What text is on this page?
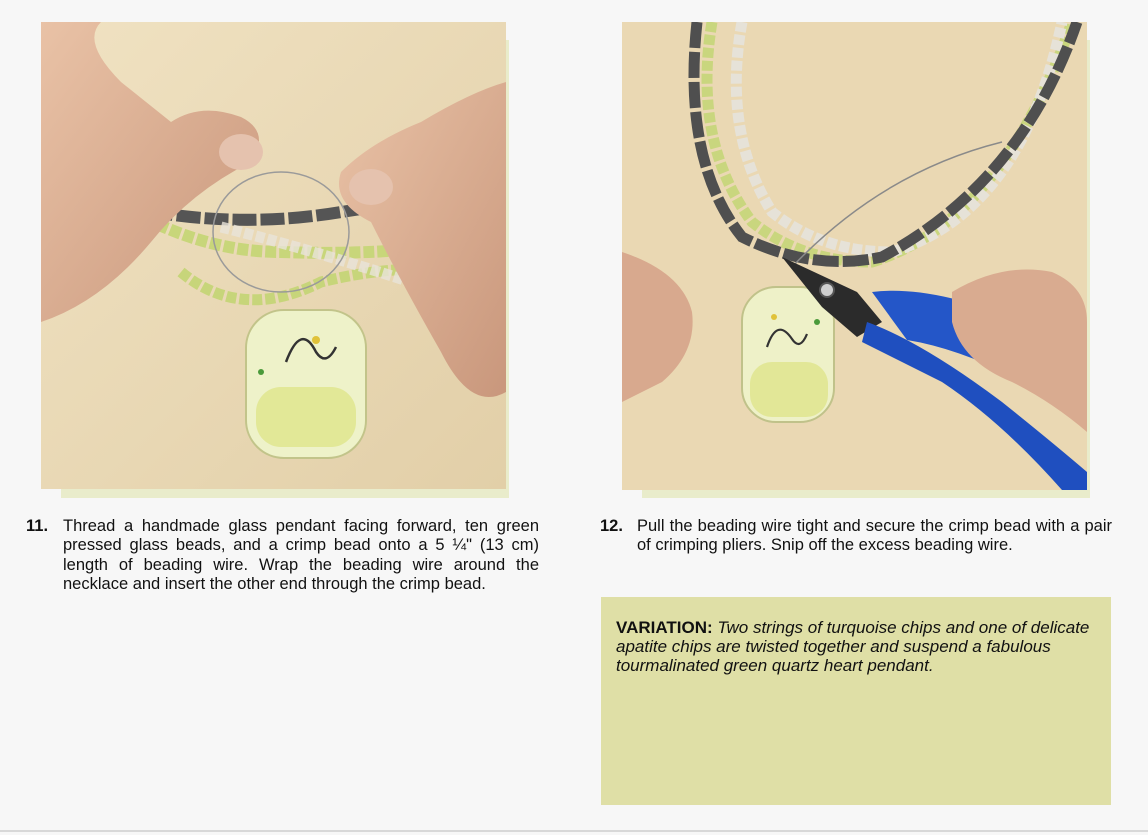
11. Thread a handmade glass pendant facing forward, ten green pressed glass beads, and a crimp bead onto a 5 ¼" (13 cm) length of beading wire. Wrap the beading wire around the necklace and insert the other end through the crimp bead.
12. Pull the beading wire tight and secure the crimp bead with a pair of crimping pliers. Snip off the excess beading wire.
VARIATION: Two strings of turquoise chips and one of delicate apatite chips are twisted together and suspend a fabulous tourmalinated green quartz heart pendant.
